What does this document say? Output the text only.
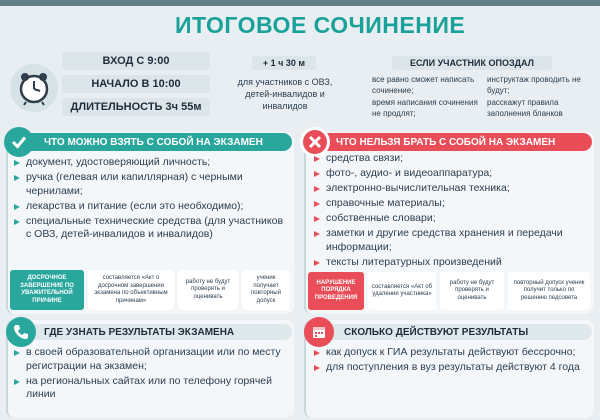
ИТОГОВОЕ СОЧИНЕНИЕ
ВХОД С 9:00
НАЧАЛО В 10:00
ДЛИТЕЛЬНОСТЬ 3ч 55м
+ 1 ч 30 м
для участников с ОВЗ, детей-инвалидов и инвалидов
ЕСЛИ УЧАСТНИК ОПОЗДАЛ
все равно сможет написать сочинение;
время написания сочинения не продлят;
инструктаж проводить не будут;
расскажут правила заполнения бланков
ЧТО МОЖНО ВЗЯТЬ С СОБОЙ НА ЭКЗАМЕН
документ, удостоверяющий личность;
ручка (гелевая или капиллярная) с черными чернилами;
лекарства и питание (если это необходимо);
специальные технические средства (для участников с ОВЗ, детей-инвалидов и инвалидов)
ДОСРОЧНОЕ ЗАВЕРШЕНИЕ ПО УВАЖИТЕЛЬНОЙ ПРИЧИНЕ
составляется «Акт о досрочном завершении экзамена по объективным причинам»
работу не будут проверять и оценивать
ученик получает повторный допуск
ЧТО НЕЛЬЗЯ БРАТЬ С СОБОЙ НА ЭКЗАМЕН
средства связи;
фото-, аудио- и видеоаппаратура;
электронно-вычислительная техника;
справочные материалы;
собственные словари;
заметки и другие средства хранения и передачи информации;
тексты литературных произведений
НАРУШЕНИЕ ПОРЯДКА ПРОВЕДЕНИЯ
составляется «Акт об удалении участника»
работу не будут проверять и оценивать
повторный допуск ученик получит только по решению педсовета
ГДЕ УЗНАТЬ РЕЗУЛЬТАТЫ ЭКЗАМЕНА
в своей образовательной организации или по месту регистрации на экзамен;
на региональных сайтах или по телефону горячей линии
СКОЛЬКО ДЕЙСТВУЮТ РЕЗУЛЬТАТЫ
как допуск к ГИА результаты действуют бессрочно;
для поступления в вуз результаты действуют 4 года
